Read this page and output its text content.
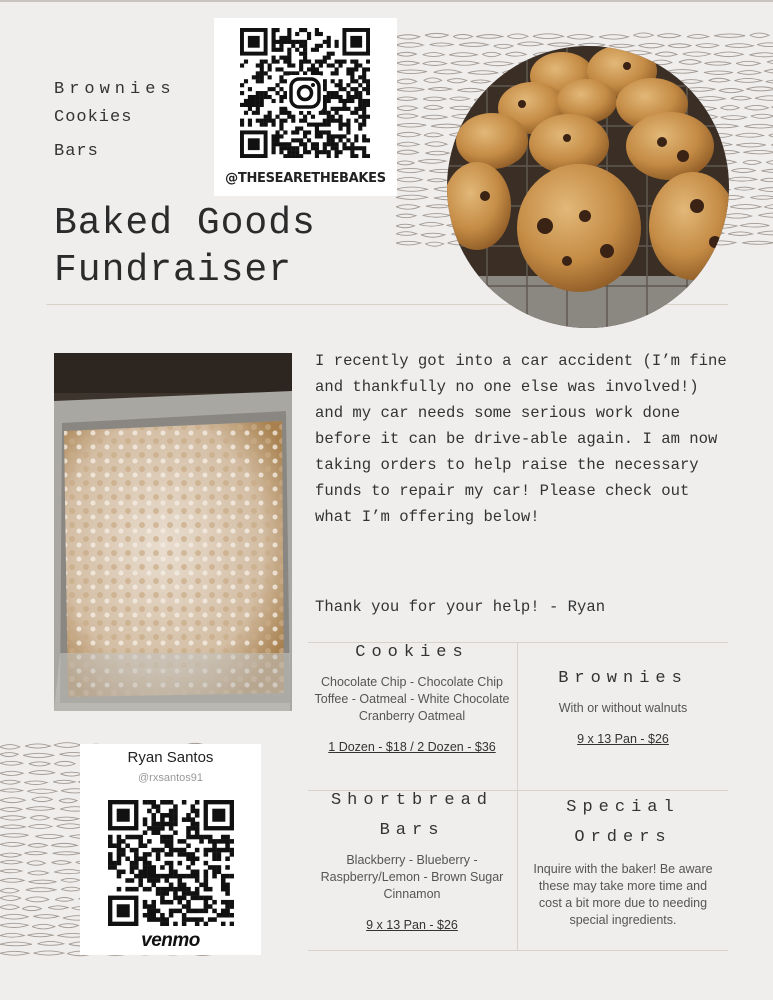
Brownies
Cookies
Bars
Baked Goods
Fundraiser
@THESEARETHEBAKES
I recently got into a car accident (I’m fine and thankfully no one else was involved!) and my car needs some serious work done before it can be drive-able again. I am now taking orders to help raise the necessary funds to repair my car! Please check out what I’m offering below!
Thank you for your help! - Ryan
Cookies
Chocolate Chip - Chocolate Chip Toffee - Oatmeal - White Chocolate Cranberry Oatmeal
1 Dozen - $18 / 2 Dozen - $36
Brownies
With or without walnuts
9 x 13 Pan - $26
Shortbread
Bars
Blackberry - Blueberry - Raspberry/Lemon - Brown Sugar Cinnamon
9 x 13 Pan - $26
Special
Orders
Inquire with the baker! Be aware these may take more time and cost a bit more due to needing special ingredients.
Ryan Santos
@rxsantos91
venmo
